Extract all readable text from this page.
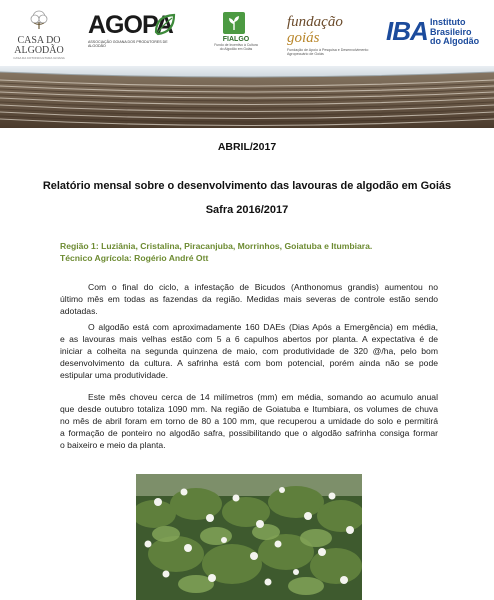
CASA DO
ALGODÃO
CASA DA COTONICULTURA GOIANA
AGOPA
ASSOCIAÇÃO GOIANA DOS PRODUTORES DE ALGODÃO
FIALGO
Fundo de Incentivo à Cultura do Algodão em Goiás
fundação goiás
Fundação de Apoio à Pesquisa e Desenvolvimento Agropecuário de Goiás
IBA Instituto
Brasileiro
do Algodão
ABRIL/2017
Relatório mensal sobre o desenvolvimento das lavouras de algodão em Goiás
Safra 2016/2017
Região 1: Luziânia, Cristalina, Piracanjuba, Morrinhos, Goiatuba e Itumbiara.
Técnico Agrícola: Rogério André Ott
Com o final do ciclo, a infestação de Bicudos (Anthonomus grandis) aumentou no
último mês em todas as fazendas da região. Medidas mais severas de controle estão sendo
adotadas.
O algodão está com aproximadamente 160 DAEs (Dias Após a Emergência) em média,
e as lavouras mais velhas estão com 5 a 6 capulhos abertos por planta. A expectativa é de
iniciar a colheita na segunda quinzena de maio, com produtividade de 320 @/ha, pelo bom
desenvolvimento da cultura. A safrinha está com bom potencial, porém ainda não se pode
estipular uma produtividade.
Este mês choveu cerca de 14 milímetros (mm) em média, somando ao acumulo anual
que desde outubro totaliza 1090 mm. Na região de Goiatuba e Itumbiara, os volumes de chuva
no mês de abril foram em torno de 80 a 100 mm, que recuperou a umidade do solo e permitirá
a formação de ponteiro no algodão safra, possibilitando que o algodão safrinha consiga formar
o baixeiro e meio da planta.
